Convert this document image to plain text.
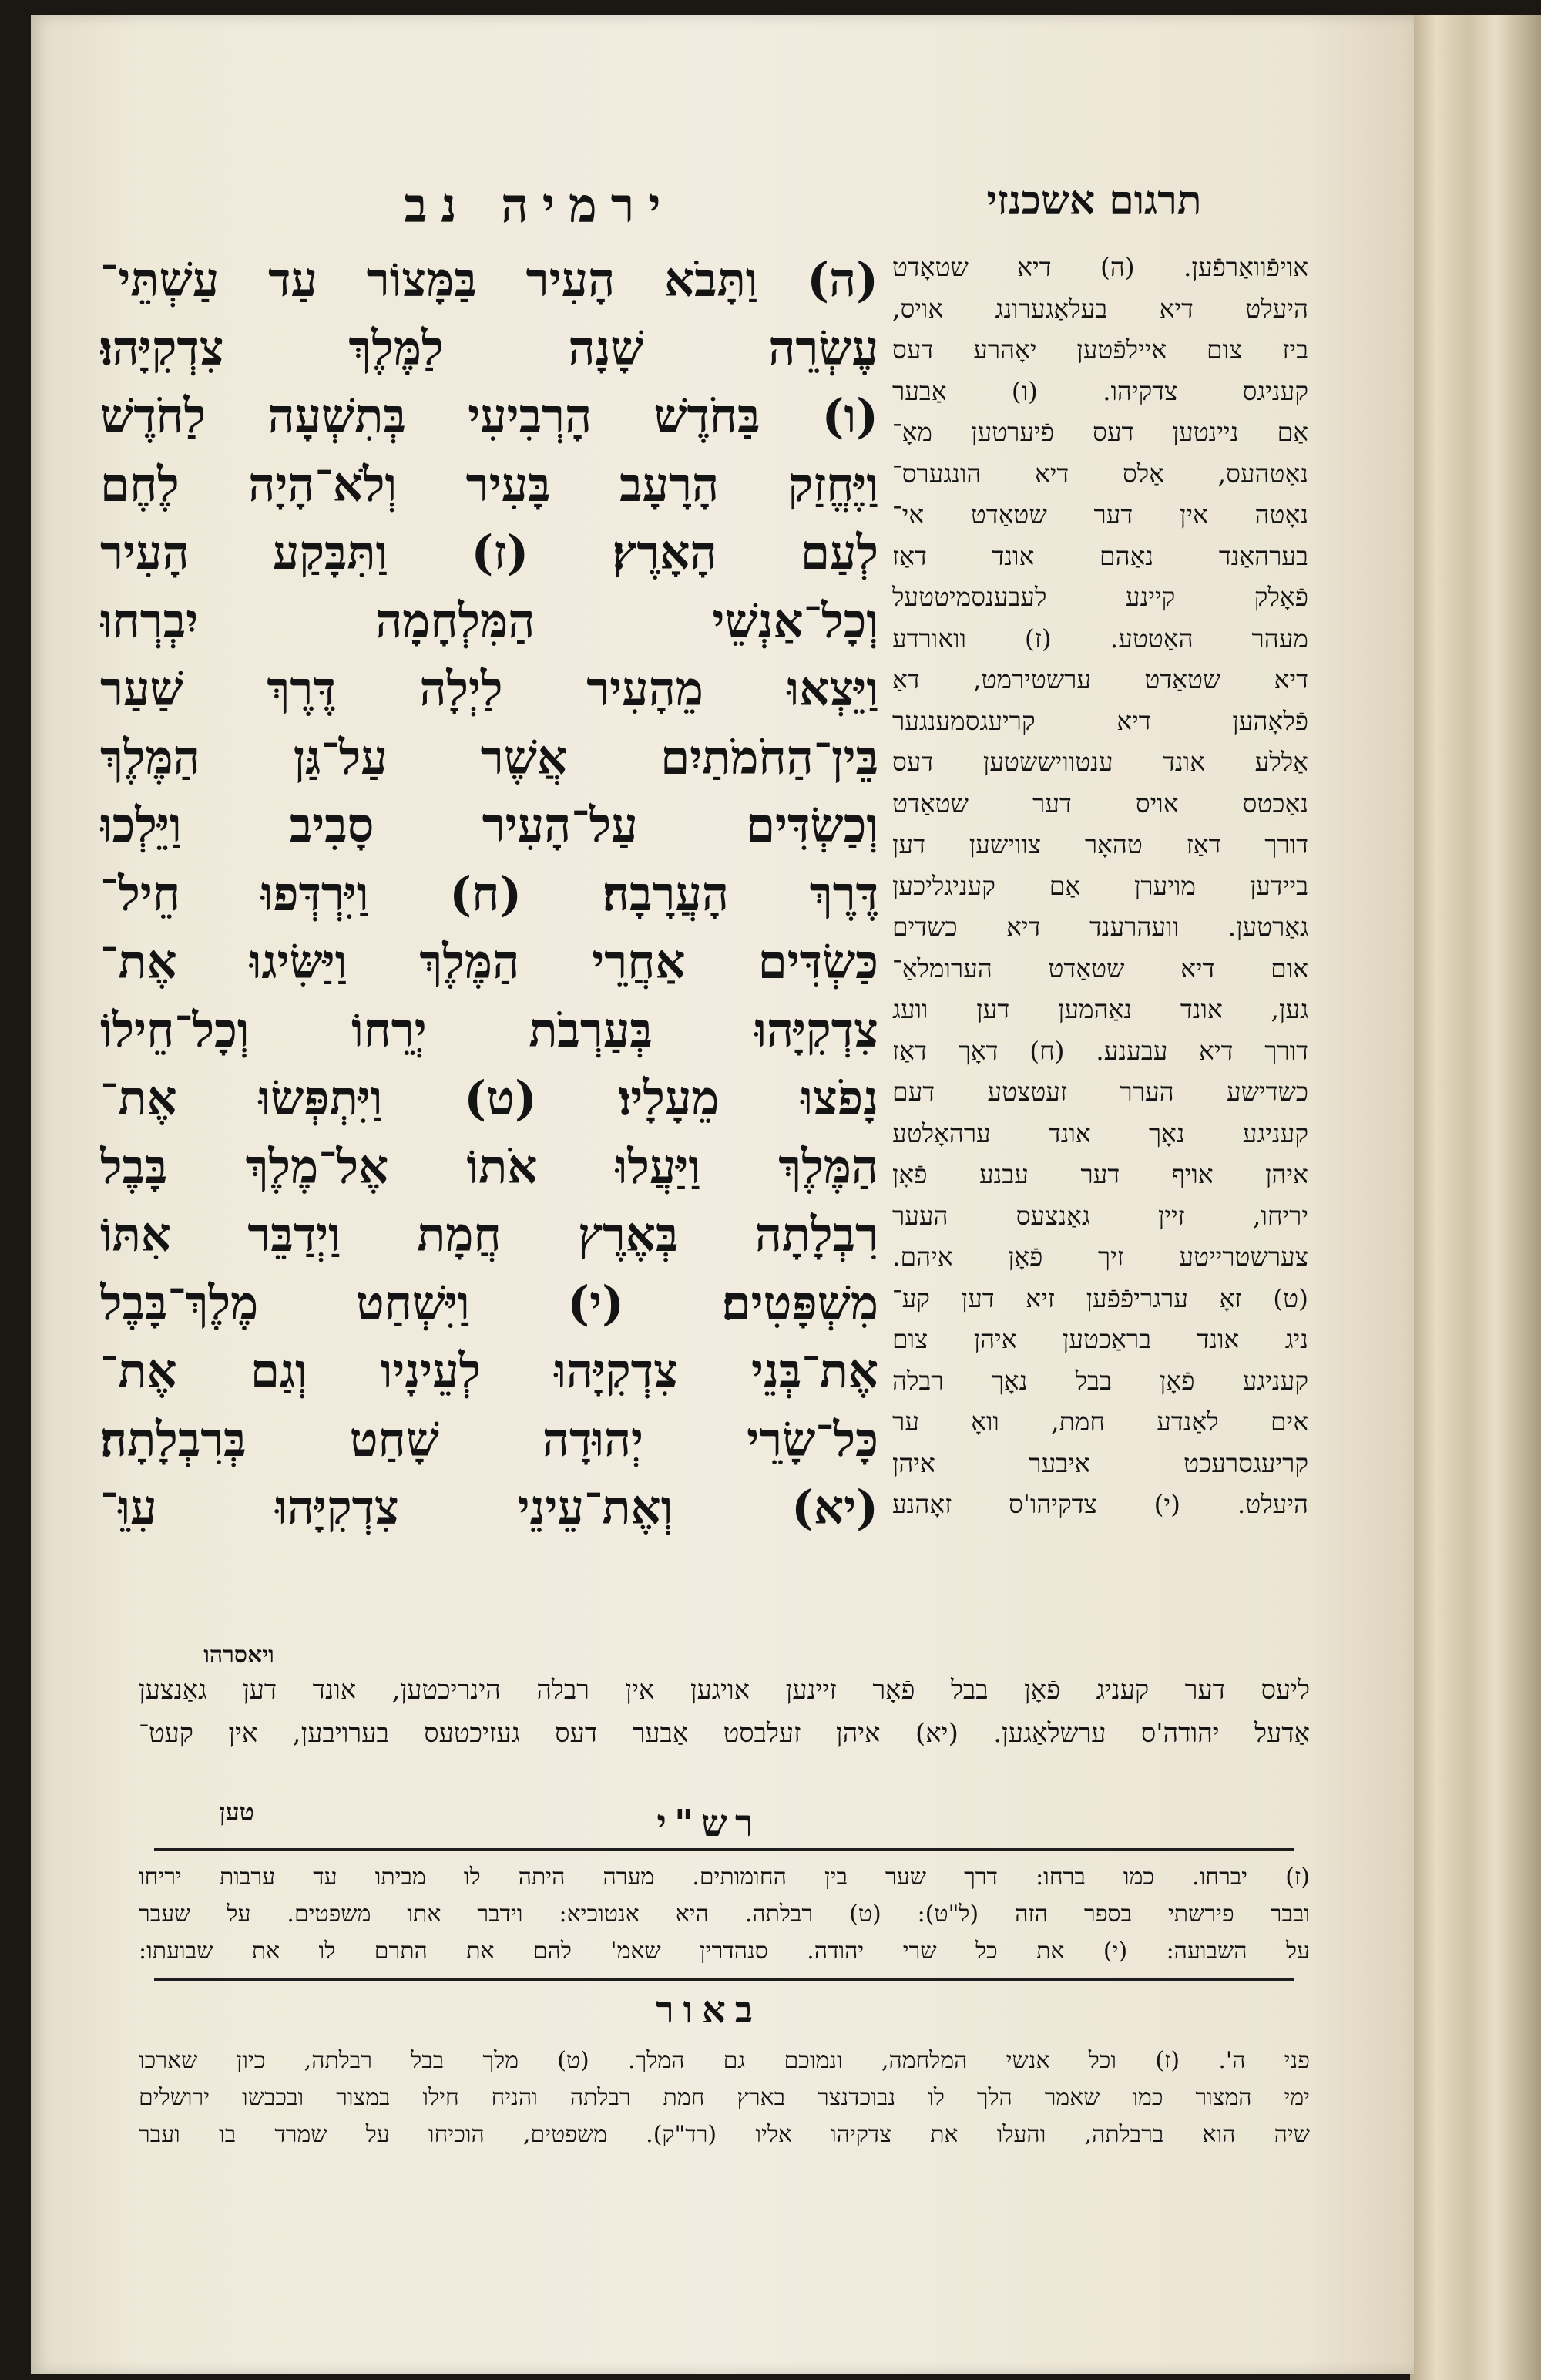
ירמיה נב	תרגום אשכנזי
(ה) וַתָּבֹא הָעִיר בַּמָּצוֹר עַד עַשְׁתֵּי־
עֶשְׂרֵה שָׁנָה לַמֶּלֶךְ צִדְקִיָּהוּ׃
(ו) בַּחֹדֶשׁ הָרְבִיעִי בְּתִשְׁעָה לַחֹדֶשׁ
וַיֶּחֱזַק הָרָעָב בָּעִיר וְלֹא־הָיָה לֶחֶם
לְעַם הָאָרֶץ׃ (ז) וַתִּבָּקַע הָעִיר
וְכָל־אַנְשֵׁי הַמִּלְחָמָה יִבְרְחוּ
וַיֵּצְאוּ מֵהָעִיר לַיְלָה דֶּרֶךְ שַׁעַר
בֵּין־הַחֹמֹתַיִם אֲשֶׁר עַל־גַּן הַמֶּלֶךְ
וְכַשְׂדִּים עַל־הָעִיר סָבִיב וַיֵּלְכוּ
דֶּרֶךְ הָעֲרָבָה׃ (ח) וַיִּרְדְּפוּ חֵיל־
כַּשְׂדִּים אַחֲרֵי הַמֶּלֶךְ וַיַּשִּׂיגוּ אֶת־
צִדְקִיָּהוּ בְּעַרְבֹת יְרֵחוֹ וְכָל־חֵילוֹ
נָפֹצוּ מֵעָלָיו׃ (ט) וַיִּתְפְּשׂוּ אֶת־
הַמֶּלֶךְ וַיַּעֲלוּ אֹתוֹ אֶל־מֶלֶךְ בָּבֶל
רִבְלָתָה בְּאֶרֶץ חֲמָת וַיְדַבֵּר אִתּוֹ
מִשְׁפָּטִים׃ (י) וַיִּשְׁחַט מֶלֶךְ־בָּבֶל
אֶת־בְּנֵי צִדְקִיָּהוּ לְעֵינָיו וְגַם אֶת־
כָּל־שָׂרֵי יְהוּדָה שָׁחַט בְּרִבְלָתָה׃
(יא) וְאֶת־עֵינֵי צִדְקִיָּהוּ עִוֵּ־
אויפֿוואַרפֿען. (ה) דיא שטאָדט
היעלט דיא בעלאַגערונג אויס,
ביז צום אייל‌פֿטען יאָהרע דעס
קעניגס צדקיהו. (ו) אַבער
אַם ניינטען דעס פֿיערטען מאָ־
נאַטהעס, אַלס דיא הונגערס־
נאָטה אין דער שטאַדט אי־
בערהאַנד נאַהם אונד דאַז
פֿאָלק קיינע לעבענסמיטטעל
מעהר האַטטע. (ז) וואורדע
דיא שטאַדט ערשטירמט, דאַ
פֿלאָהען דיא קריעגסמענגער
אַללע אונד ענטוויששטען דעס
נאַכטס אויס דער שטאַדט
דורך דאַז טהאָר צווישען דען
ביידען מויערן אַם קעניגליכען
גאַרטען. וועהרענד דיא כשדים
אום דיא שטאַדט הערומלאַ־
גען, אונד נאַהמען דען וועג
דורך דיא עבענע. (ח) דאָך דאַז
כשדישע הערר זעטצטע דעם
קעניגע נאָך אונד ערהאָלטע
איהן אויף דער עבנע פֿאָן
יריחו, זיין גאַנצעס העער
צערשטרייטע זיך פֿאָן איהם.
(ט) זאָ ערגריפֿפֿען זיא דען קע־
ניג אונד בראַכטען איהן צום
קעניגע פֿאָן בבל נאָך רבלה
אים לאַנדע חמת, וואָ ער
קריעגסרעכט איבער איהן
היעלט. (י) צדקיהו'ס זאָהנע
ויאסרהו
ליעס דער קעניג פֿאָן בבל פֿאָר זיינען אויגען אין רבלה הינריכטען, אונד דען גאַנצען
אַדעל יהודה'ס ערשלאַגען. (יא) איהן זעלבסט אַבער דעס געזיכטעס בערויבען, אין קעט־
טען	רש"י
(ז) יברחו. כמו ברחו: דרך שער בין החומותים. מערה היתה לו מביתו עד ערבות יריחו
ובבר פירשתי בספר הזה (ל"ט): (ט) רבלתה. היא אנטוכיא: וידבר אתו משפטים. על שעבר
על השבועה: (י) את כל שרי יהודה. סנהדרין שאמ' להם את התרם לו את שבועתו:
באור
פני ה'. (ז) וכל אנשי המלחמה, ונמוכם גם המלך. (ט) מלך בבל רבלתה, כיון שארכו
ימי המצור כמו שאמר הלך לו נבוכדנצר בארץ חמת רבלתה והניח חילו במצור ובכבשו ירושלים
שיה הוא ברבלתה, והעלו את צדקיהו אליו (רד"ק). משפטים, הוכיחו על שמרד בו ועבר
